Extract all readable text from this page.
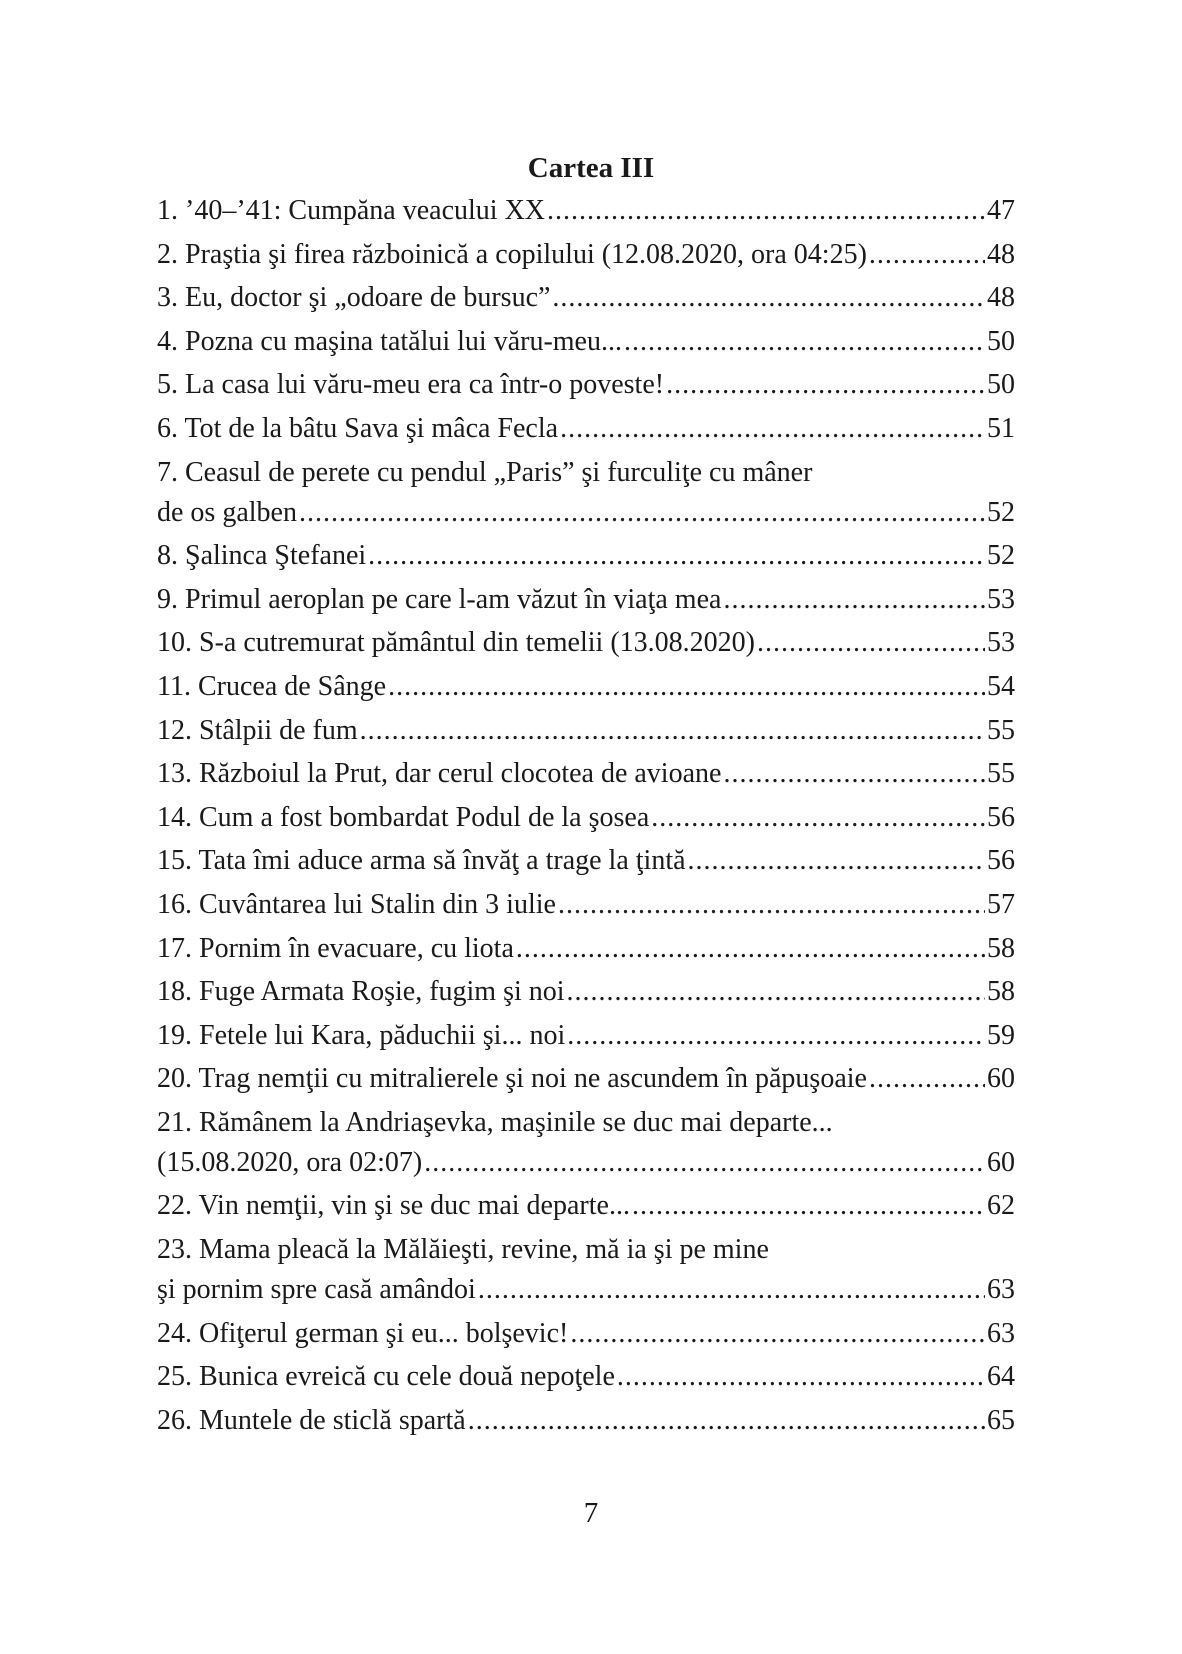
Cartea III
1. ’40–’41: Cumpăna veacului XX .....	47
2. Praştia şi firea războinică a copilului (12.08.2020, ora 04:25) .....	48
3. Eu, doctor şi „odoare de bursuc” .....	48
4. Pozna cu maşina tatălui lui văru-meu... .....	50
5. La casa lui văru-meu era ca într-o poveste! .....	50
6. Tot de la bâtu Sava şi mâca Fecla .....	51
7. Ceasul de perete cu pendul „Paris” şi furculiţe cu mâner
de os galben .....	52
8. Şalinca Ştefanei .....	52
9. Primul aeroplan pe care l-am văzut în viaţa mea .....	53
10. S-a cutremurat pământul din temelii (13.08.2020) .....	53
11. Crucea de Sânge .....	54
12. Stâlpii de fum .....	55
13. Războiul la Prut, dar cerul clocotea de avioane .....	55
14. Cum a fost bombardat Podul de la şosea .....	56
15. Tata îmi aduce arma să învăţ a trage la ţintă .....	56
16. Cuvântarea lui Stalin din 3 iulie .....	57
17. Pornim în evacuare, cu liota .....	58
18. Fuge Armata Roşie, fugim şi noi .....	58
19. Fetele lui Kara, păduchii şi... noi .....	59
20. Trag nemţii cu mitralierele şi noi ne ascundem în păpuşoaie .....	60
21. Rămânem la Andriaşevka, maşinile se duc mai departe...
(15.08.2020, ora 02:07) .....	60
22. Vin nemţii, vin şi se duc mai departe... .....	62
23. Mama pleacă la Mălăieşti, revine, mă ia şi pe mine
şi pornim spre casă amândoi .....	63
24. Ofiţerul german şi eu... bolşevic! .....	63
25. Bunica evreică cu cele două nepoţele .....	64
26. Muntele de sticlă spartă .....	65
7
